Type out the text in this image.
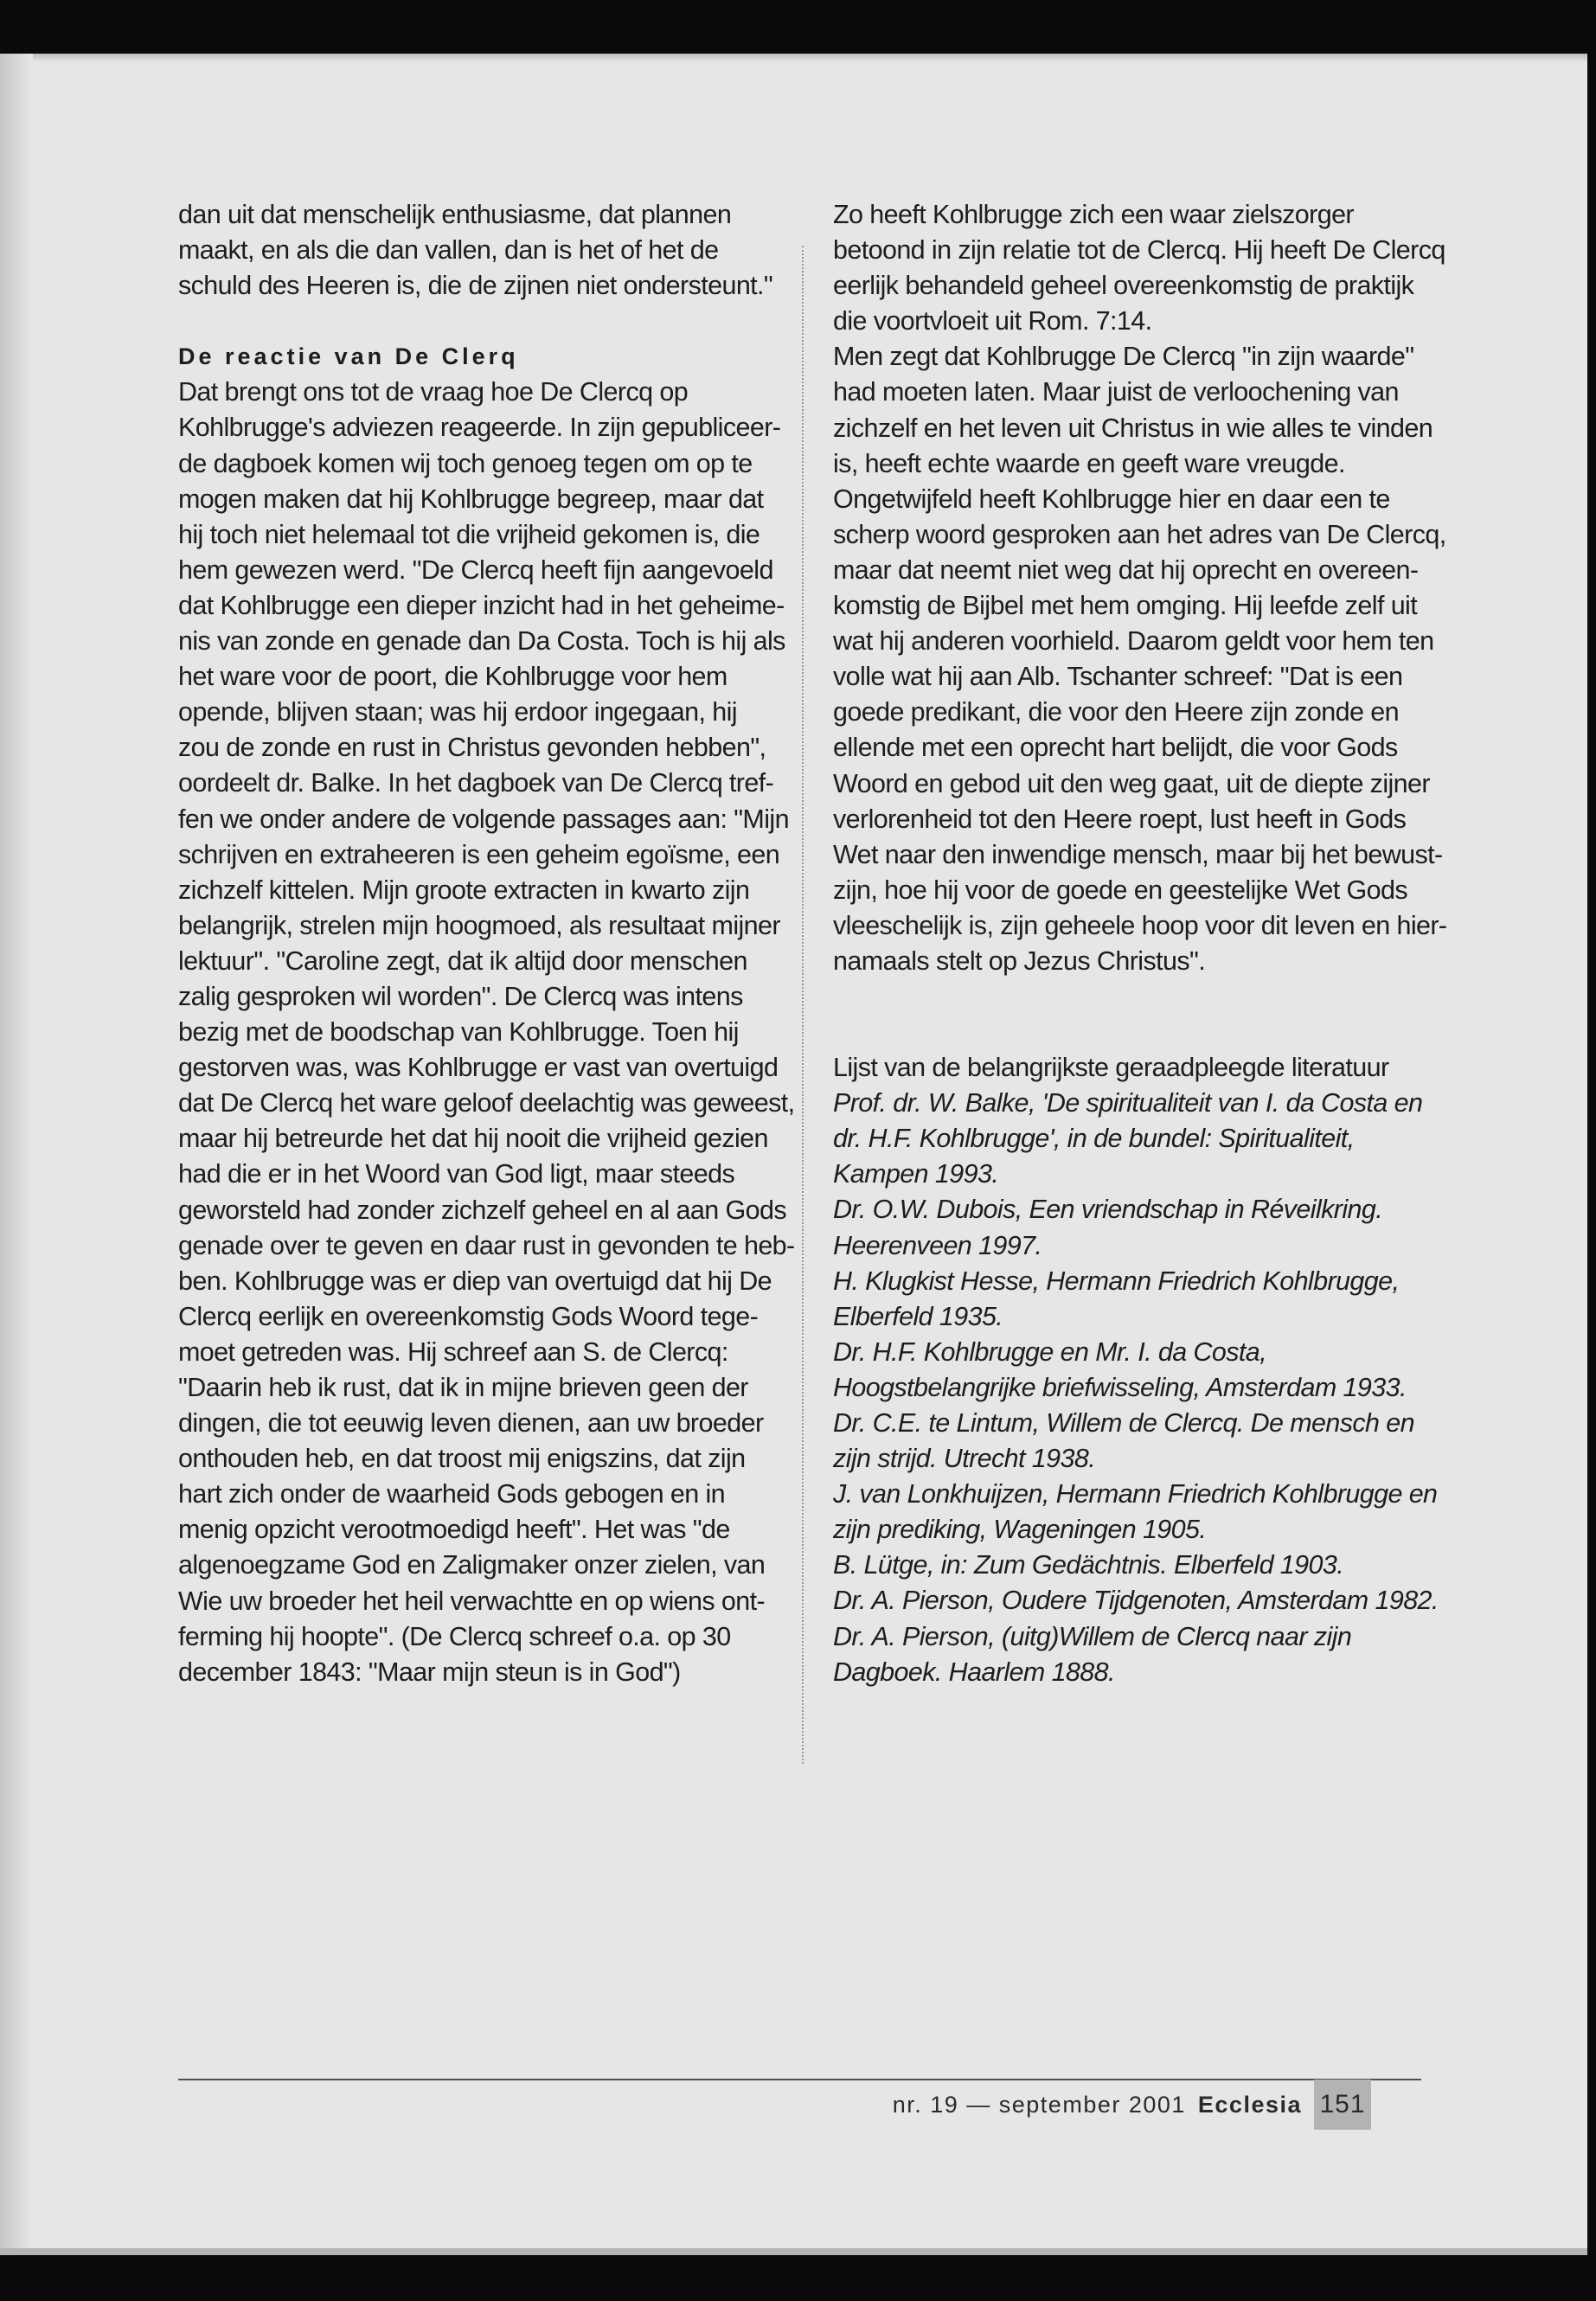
dan uit dat menschelijk enthusiasme, dat plannen
maakt, en als die dan vallen, dan is het of het de
schuld des Heeren is, die de zijnen niet ondersteunt."
De reactie van De Clerq
Dat brengt ons tot de vraag hoe De Clercq op
Kohlbrugge's adviezen reageerde. In zijn gepubliceer-
de dagboek komen wij toch genoeg tegen om op te
mogen maken dat hij Kohlbrugge begreep, maar dat
hij toch niet helemaal tot die vrijheid gekomen is, die
hem gewezen werd. "De Clercq heeft fijn aangevoeld
dat Kohlbrugge een dieper inzicht had in het geheime-
nis van zonde en genade dan Da Costa. Toch is hij als
het ware voor de poort, die Kohlbrugge voor hem
opende, blijven staan; was hij erdoor ingegaan, hij
zou de zonde en rust in Christus gevonden hebben",
oordeelt dr. Balke. In het dagboek van De Clercq tref-
fen we onder andere de volgende passages aan: "Mijn
schrijven en extraheeren is een geheim egoïsme, een
zichzelf kittelen. Mijn groote extracten in kwarto zijn
belangrijk, strelen mijn hoogmoed, als resultaat mijner
lektuur". "Caroline zegt, dat ik altijd door menschen
zalig gesproken wil worden". De Clercq was intens
bezig met de boodschap van Kohlbrugge. Toen hij
gestorven was, was Kohlbrugge er vast van overtuigd
dat De Clercq het ware geloof deelachtig was geweest,
maar hij betreurde het dat hij nooit die vrijheid gezien
had die er in het Woord van God ligt, maar steeds
geworsteld had zonder zichzelf geheel en al aan Gods
genade over te geven en daar rust in gevonden te heb-
ben. Kohlbrugge was er diep van overtuigd dat hij De
Clercq eerlijk en overeenkomstig Gods Woord tege-
moet getreden was. Hij schreef aan S. de Clercq:
"Daarin heb ik rust, dat ik in mijne brieven geen der
dingen, die tot eeuwig leven dienen, aan uw broeder
onthouden heb, en dat troost mij enigszins, dat zijn
hart zich onder de waarheid Gods gebogen en in
menig opzicht verootmoedigd heeft". Het was "de
algenoegzame God en Zaligmaker onzer zielen, van
Wie uw broeder het heil verwachtte en op wiens ont-
ferming hij hoopte". (De Clercq schreef o.a. op 30
december 1843: "Maar mijn steun is in God")
Zo heeft Kohlbrugge zich een waar zielszorger
betoond in zijn relatie tot de Clercq. Hij heeft De Clercq
eerlijk behandeld geheel overeenkomstig de praktijk
die voortvloeit uit Rom. 7:14.
Men zegt dat Kohlbrugge De Clercq "in zijn waarde"
had moeten laten. Maar juist de verloochening van
zichzelf en het leven uit Christus in wie alles te vinden
is, heeft echte waarde en geeft ware vreugde.
Ongetwijfeld heeft Kohlbrugge hier en daar een te
scherp woord gesproken aan het adres van De Clercq,
maar dat neemt niet weg dat hij oprecht en overeen-
komstig de Bijbel met hem omging. Hij leefde zelf uit
wat hij anderen voorhield. Daarom geldt voor hem ten
volle wat hij aan Alb. Tschanter schreef: "Dat is een
goede predikant, die voor den Heere zijn zonde en
ellende met een oprecht hart belijdt, die voor Gods
Woord en gebod uit den weg gaat, uit de diepte zijner
verlorenheid tot den Heere roept, lust heeft in Gods
Wet naar den inwendige mensch, maar bij het bewust-
zijn, hoe hij voor de goede en geestelijke Wet Gods
vleeschelijk is, zijn geheele hoop voor dit leven en hier-
namaals stelt op Jezus Christus".
Lijst van de belangrijkste geraadpleegde literatuur
Prof. dr. W. Balke, 'De spiritualiteit van I. da Costa en
dr. H.F. Kohlbrugge', in de bundel: Spiritualiteit,
Kampen 1993.
Dr. O.W. Dubois, Een vriendschap in Réveilkring.
Heerenveen 1997.
H. Klugkist Hesse, Hermann Friedrich Kohlbrugge,
Elberfeld 1935.
Dr. H.F. Kohlbrugge en Mr. I. da Costa,
Hoogstbelangrijke briefwisseling, Amsterdam 1933.
Dr. C.E. te Lintum, Willem de Clercq. De mensch en
zijn strijd. Utrecht 1938.
J. van Lonkhuijzen, Hermann Friedrich Kohlbrugge en
zijn prediking, Wageningen 1905.
B. Lütge, in: Zum Gedächtnis. Elberfeld 1903.
Dr. A. Pierson, Oudere Tijdgenoten, Amsterdam 1982.
Dr. A. Pierson, (uitg)Willem de Clercq naar zijn
Dagboek. Haarlem 1888.
nr. 19 — september 2001 Ecclesia 151
